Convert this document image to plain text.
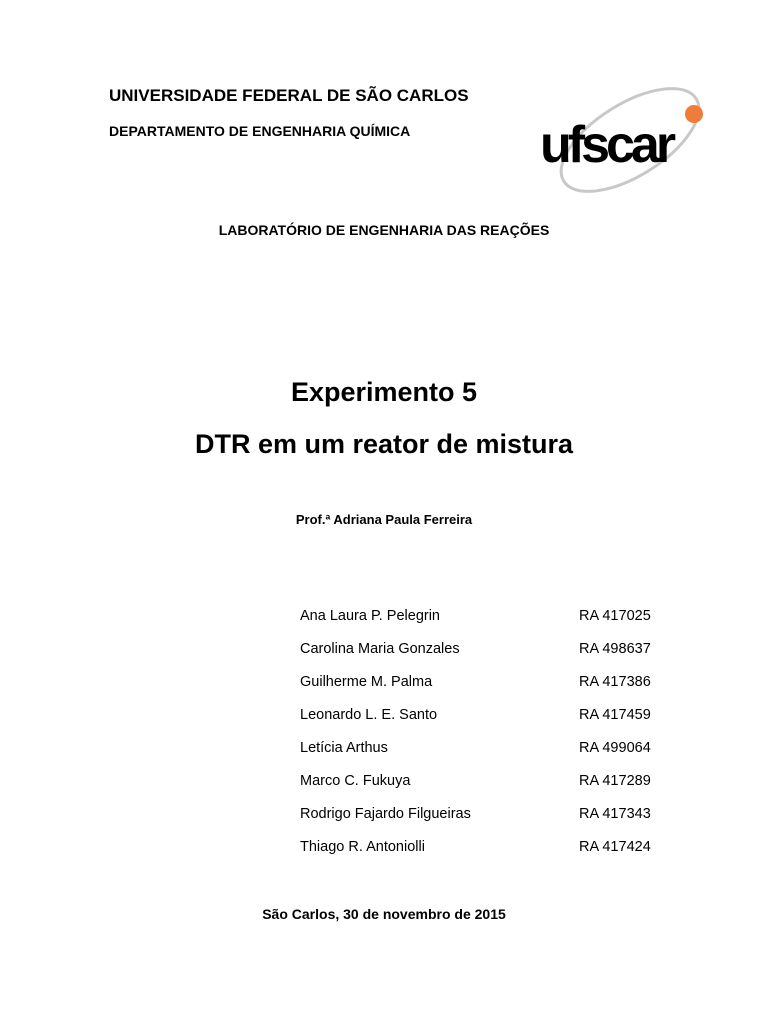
UNIVERSIDADE FEDERAL DE SÃO CARLOS
DEPARTAMENTO DE ENGENHARIA QUÍMICA ufscar
LABORATÓRIO DE ENGENHARIA DAS REAÇÕES
Experimento 5
DTR em um reator de mistura
Prof.ª Adriana Paula Ferreira
Ana Laura P. Pelegrin	RA 417025
Carolina Maria Gonzales	RA 498637
Guilherme M. Palma	RA 417386
Leonardo L. E. Santo	RA 417459
Letícia Arthus	RA 499064
Marco C. Fukuya	RA 417289
Rodrigo Fajardo Filgueiras	RA 417343
Thiago R. Antoniolli	RA 417424
São Carlos, 30 de novembro de 2015
